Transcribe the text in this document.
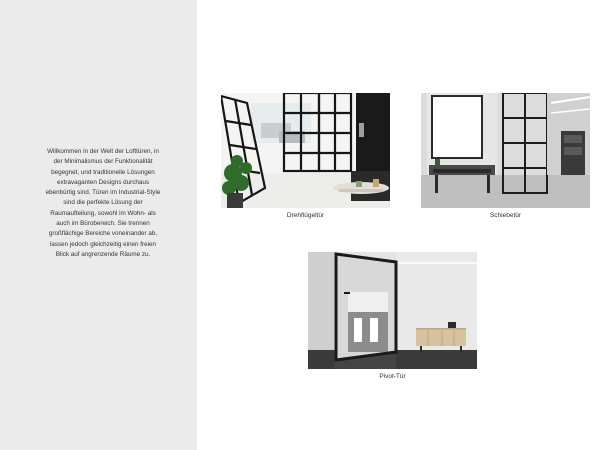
Willkommen in der Welt der Lofttüren, in der Minimalismus der Funktionalität begegnet, und traditionelle Lösungen extravaganten Designs durchaus ebenbürtig sind. Türen im Industrial-Style sind die perfekte Lösung der Raumaufteilung, sowohl im Wohn- als auch im Bürobereich. Sie trennen großflächige Bereiche voneinander ab, lassen jedoch gleichzeitig einen freien Blick auf angrenzende Räume zu.

Drehflügeltür	Schiebetür
Pivot-Tür
